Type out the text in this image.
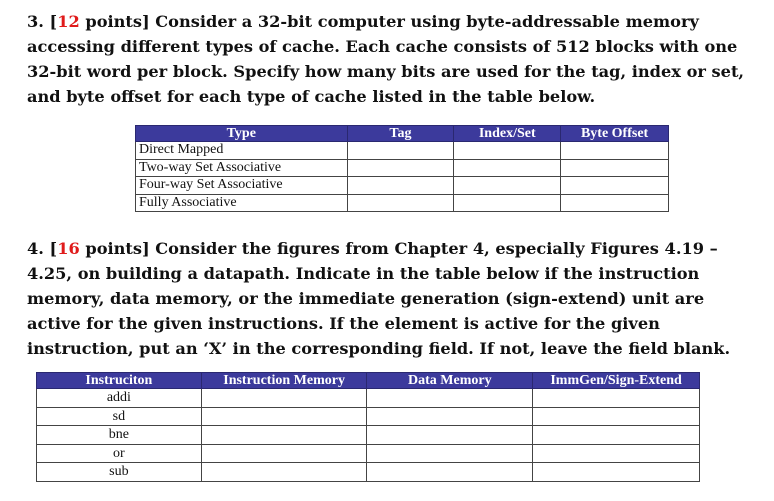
3. [12 points] Consider a 32-bit computer using byte-addressable memory accessing different types of cache. Each cache consists of 512 blocks with one 32-bit word per block. Specify how many bits are used for the tag, index or set, and byte offset for each type of cache listed in the table below.
Type	Tag	Index/Set	Byte Offset
Direct Mapped			
Two-way Set Associative			
Four-way Set Associative			
Fully Associative			
4. [16 points] Consider the figures from Chapter 4, especially Figures 4.19 – 4.25, on building a datapath. Indicate in the table below if the instruction memory, data memory, or the immediate generation (sign-extend) unit are active for the given instructions. If the element is active for the given instruction, put an ‘X’ in the corresponding field. If not, leave the field blank.
Instruciton	Instruction Memory	Data Memory	ImmGen/Sign-Extend
addi			
sd			
bne			
or			
sub			
